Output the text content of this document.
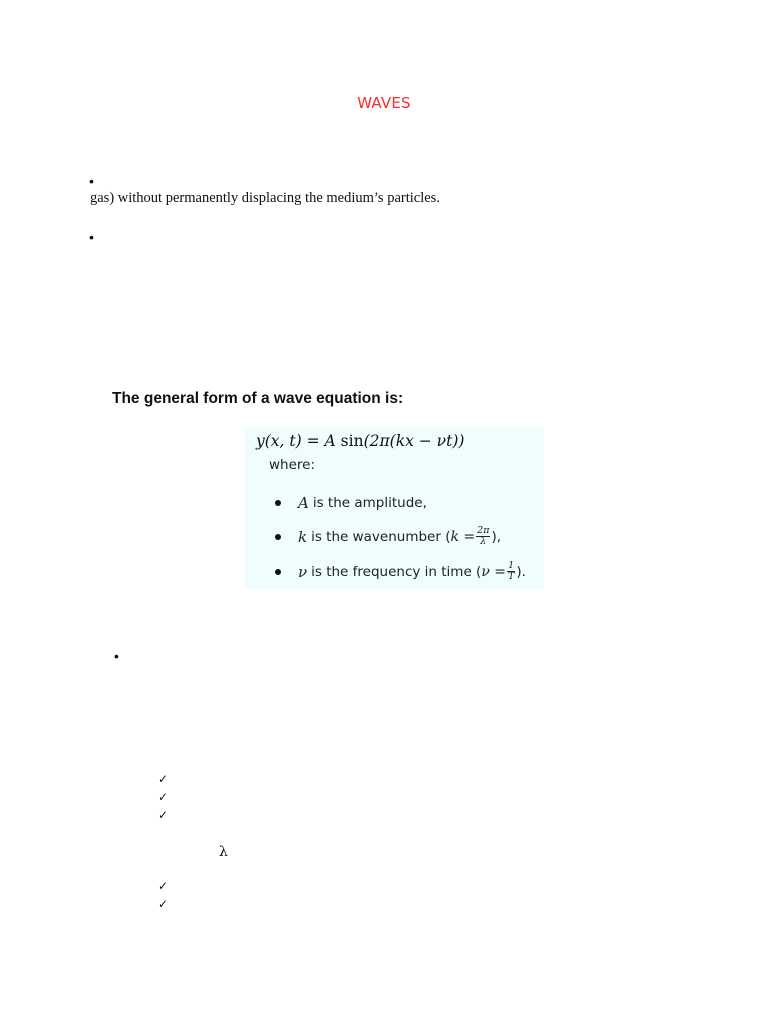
WAVES
•
gas) without permanently displacing the medium’s particles.
•
The general form of a wave equation is:
y(x, t) = A sin(2π(kx − νt))
where:
A is the amplitude,
k is the wavenumber ( $k = \frac{2\pi}{\lambda}$ ),
ν is the frequency in time ( $\nu = \frac{1}{T}$ ).
•
✓
✓
✓
λ
✓
✓
